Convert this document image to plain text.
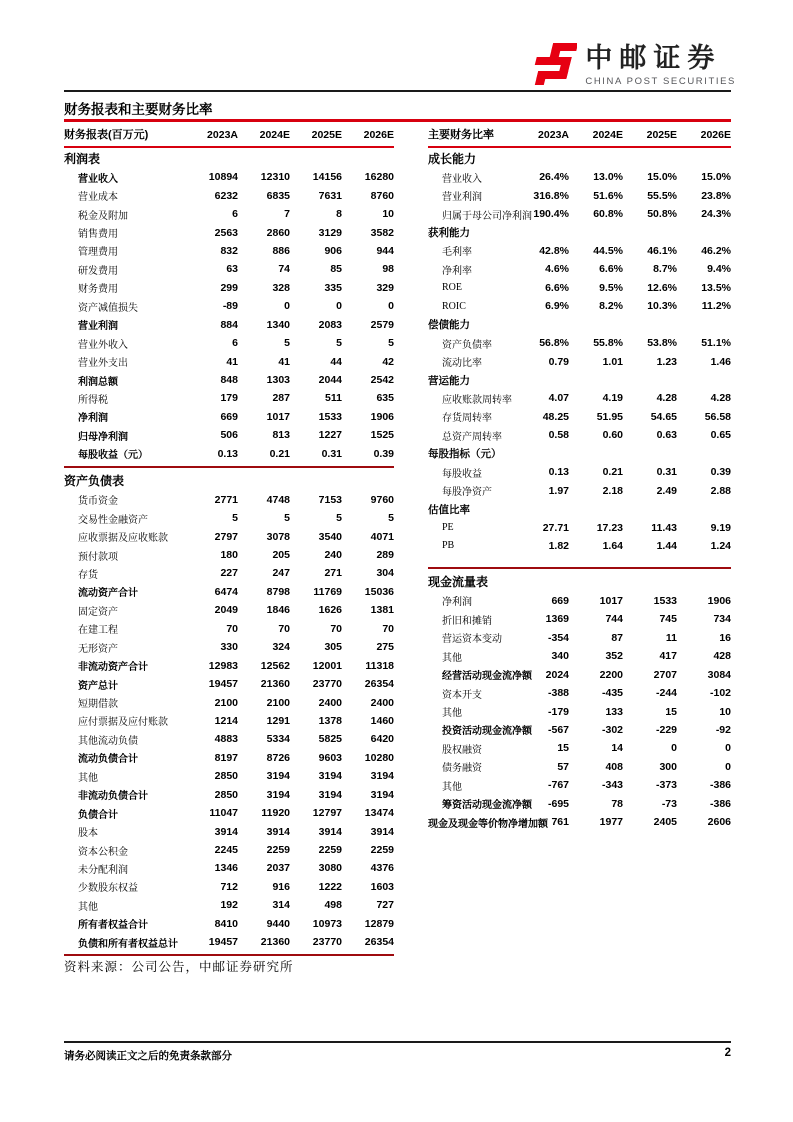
中邮证券
CHINA POST SECURITIES
财务报表和主要财务比率
财务报表(百万元)	2023A	2024E	2025E	2026E
利润表
营业收入	10894	12310	14156	16280
营业成本	6232	6835	7631	8760
税金及附加	6	7	8	10
销售费用	2563	2860	3129	3582
管理费用	832	886	906	944
研发费用	63	74	85	98
财务费用	299	328	335	329
资产减值损失	-89	0	0	0
营业利润	884	1340	2083	2579
营业外收入	6	5	5	5
营业外支出	41	41	44	42
利润总额	848	1303	2044	2542
所得税	179	287	511	635
净利润	669	1017	1533	1906
归母净利润	506	813	1227	1525
每股收益（元）	0.13	0.21	0.31	0.39
资产负债表
货币资金	2771	4748	7153	9760
交易性金融资产	5	5	5	5
应收票据及应收账款	2797	3078	3540	4071
预付款项	180	205	240	289
存货	227	247	271	304
流动资产合计	6474	8798	11769	15036
固定资产	2049	1846	1626	1381
在建工程	70	70	70	70
无形资产	330	324	305	275
非流动资产合计	12983	12562	12001	11318
资产总计	19457	21360	23770	26354
短期借款	2100	2100	2400	2400
应付票据及应付账款	1214	1291	1378	1460
其他流动负债	4883	5334	5825	6420
流动负债合计	8197	8726	9603	10280
其他	2850	3194	3194	3194
非流动负债合计	2850	3194	3194	3194
负债合计	11047	11920	12797	13474
股本	3914	3914	3914	3914
资本公积金	2245	2259	2259	2259
未分配利润	1346	2037	3080	4376
少数股东权益	712	916	1222	1603
其他	192	314	498	727
所有者权益合计	8410	9440	10973	12879
负债和所有者权益总计	19457	21360	23770	26354
主要财务比率	2023A	2024E	2025E	2026E
成长能力
营业收入	26.4%	13.0%	15.0%	15.0%
营业利润	316.8%	51.6%	55.5%	23.8%
归属于母公司净利润 190.4%	60.8%	50.8%	24.3%
获利能力
毛利率	42.8%	44.5%	46.1%	46.2%
净利率	4.6%	6.6%	8.7%	9.4%
ROE	6.6%	9.5%	12.6%	13.5%
ROIC	6.9%	8.2%	10.3%	11.2%
偿债能力
资产负债率	56.8%	55.8%	53.8%	51.1%
流动比率	0.79	1.01	1.23	1.46
营运能力
应收账款周转率	4.07	4.19	4.28	4.28
存货周转率	48.25	51.95	54.65	56.58
总资产周转率	0.58	0.60	0.63	0.65
每股指标（元）
每股收益	0.13	0.21	0.31	0.39
每股净资产	1.97	2.18	2.49	2.88
估值比率
PE	27.71	17.23	11.43	9.19
PB	1.82	1.64	1.44	1.24
现金流量表
净利润	669	1017	1533	1906
折旧和摊销	1369	744	745	734
营运资本变动	-354	87	11	16
其他	340	352	417	428
经营活动现金流净额	2024	2200	2707	3084
资本开支	-388	-435	-244	-102
其他	-179	133	15	10
投资活动现金流净额	-567	-302	-229	-92
股权融资	15	14	0	0
债务融资	57	408	300	0
其他	-767	-343	-373	-386
筹资活动现金流净额	-695	78	-73	-386
现金及现金等价物净增加额 761	1977	2405	2606
资料来源：公司公告，中邮证券研究所
请务必阅读正文之后的免责条款部分	2
